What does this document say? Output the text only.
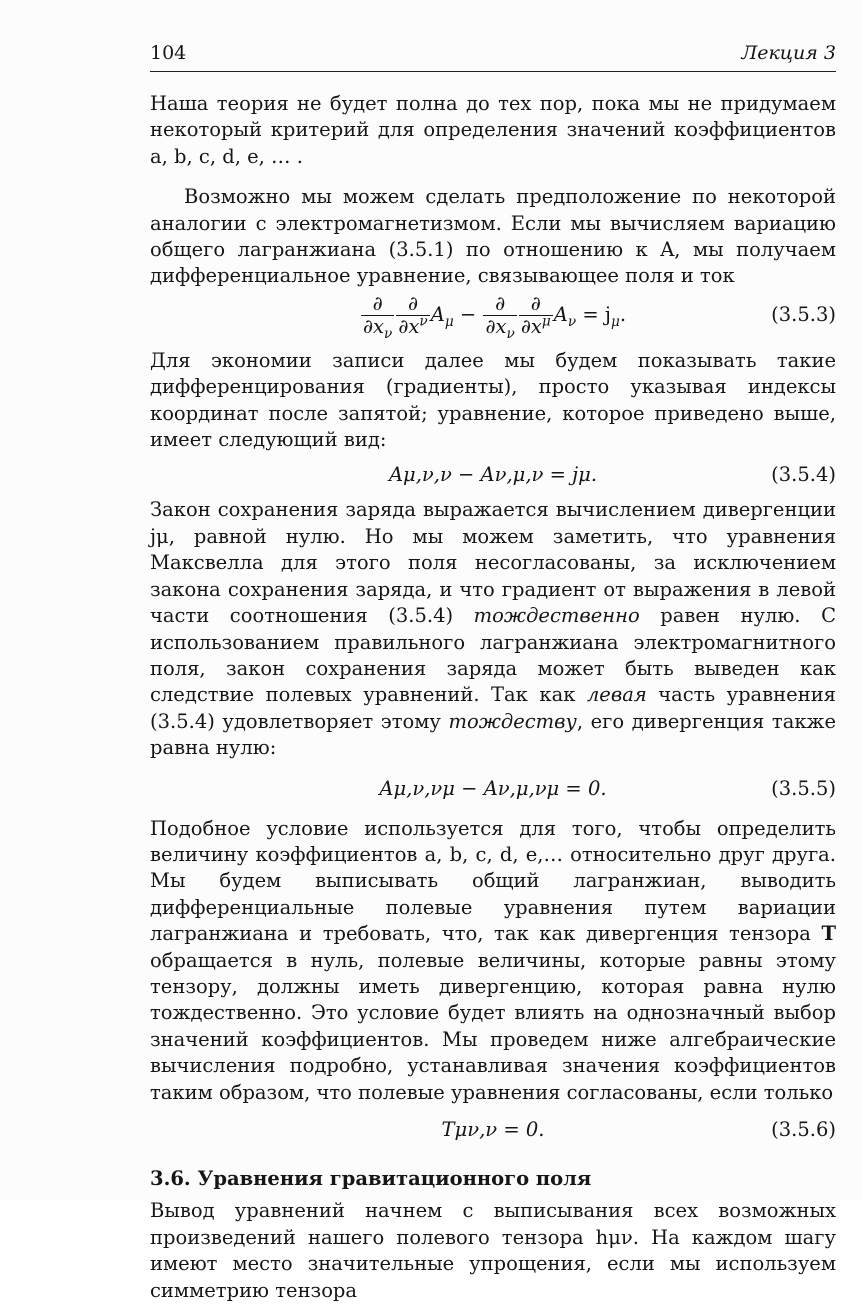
104	Лекция 3

Наша теория не будет полна до тех пор, пока мы не придумаем некоторый критерий для определения значений коэффициентов a, b, c, d, e, … .

Возможно мы можем сделать предположение по некоторой аналогии с электромагнетизмом. Если мы вычисляем вариацию общего лагранжиана (3.5.1) по отношению к A, мы получаем дифференциальное уравнение, связывающее поля и ток

$\frac{\partial}{\partial x_\nu} \frac{\partial}{\partial x^\nu} A_\mu - \frac{\partial}{\partial x_\nu} \frac{\partial}{\partial x^\mu} A_\nu = j_\mu$.	(3.5.3)

Для экономии записи далее мы будем показывать такие дифференцирования (градиенты), просто указывая индексы координат после запятой; уравнение, которое приведено выше, имеет следующий вид:

Aμ,ν,ν − Aν,μ,ν = jμ.	(3.5.4)

Закон сохранения заряда выражается вычислением дивергенции jμ, равной нулю. Но мы можем заметить, что уравнения Максвелла для этого поля несогласованы, за исключением закона сохранения заряда, и что градиент от выражения в левой части соотношения (3.5.4) тождественно равен нулю. С использованием правильного лагранжиана электромагнитного поля, закон сохранения заряда может быть выведен как следствие полевых уравнений. Так как левая часть уравнения (3.5.4) удовлетворяет этому тождеству, его дивергенция также равна нулю:

Aμ,ν,νμ − Aν,μ,νμ = 0.	(3.5.5)

Подобное условие используется для того, чтобы определить величину коэффициентов a, b, c, d, e,… относительно друг друга. Мы будем выписывать общий лагранжиан, выводить дифференциальные полевые уравнения путем вариации лагранжиана и требовать, что, так как дивергенция тензора T обращается в нуль, полевые величины, которые равны этому тензору, должны иметь дивергенцию, которая равна нулю тождественно. Это условие будет влиять на однозначный выбор значений коэффициентов. Мы проведем ниже алгебраические вычисления подробно, устанавливая значения коэффициентов таким образом, что полевые уравнения согласованы, если только

Tμν,ν = 0.	(3.5.6)
3.6. Уравнения гравитационного поля

Вывод уравнений начнем с выписывания всех возможных произведений нашего полевого тензора hμν. На каждом шагу имеют место значительные упрощения, если мы используем симметрию тензора
